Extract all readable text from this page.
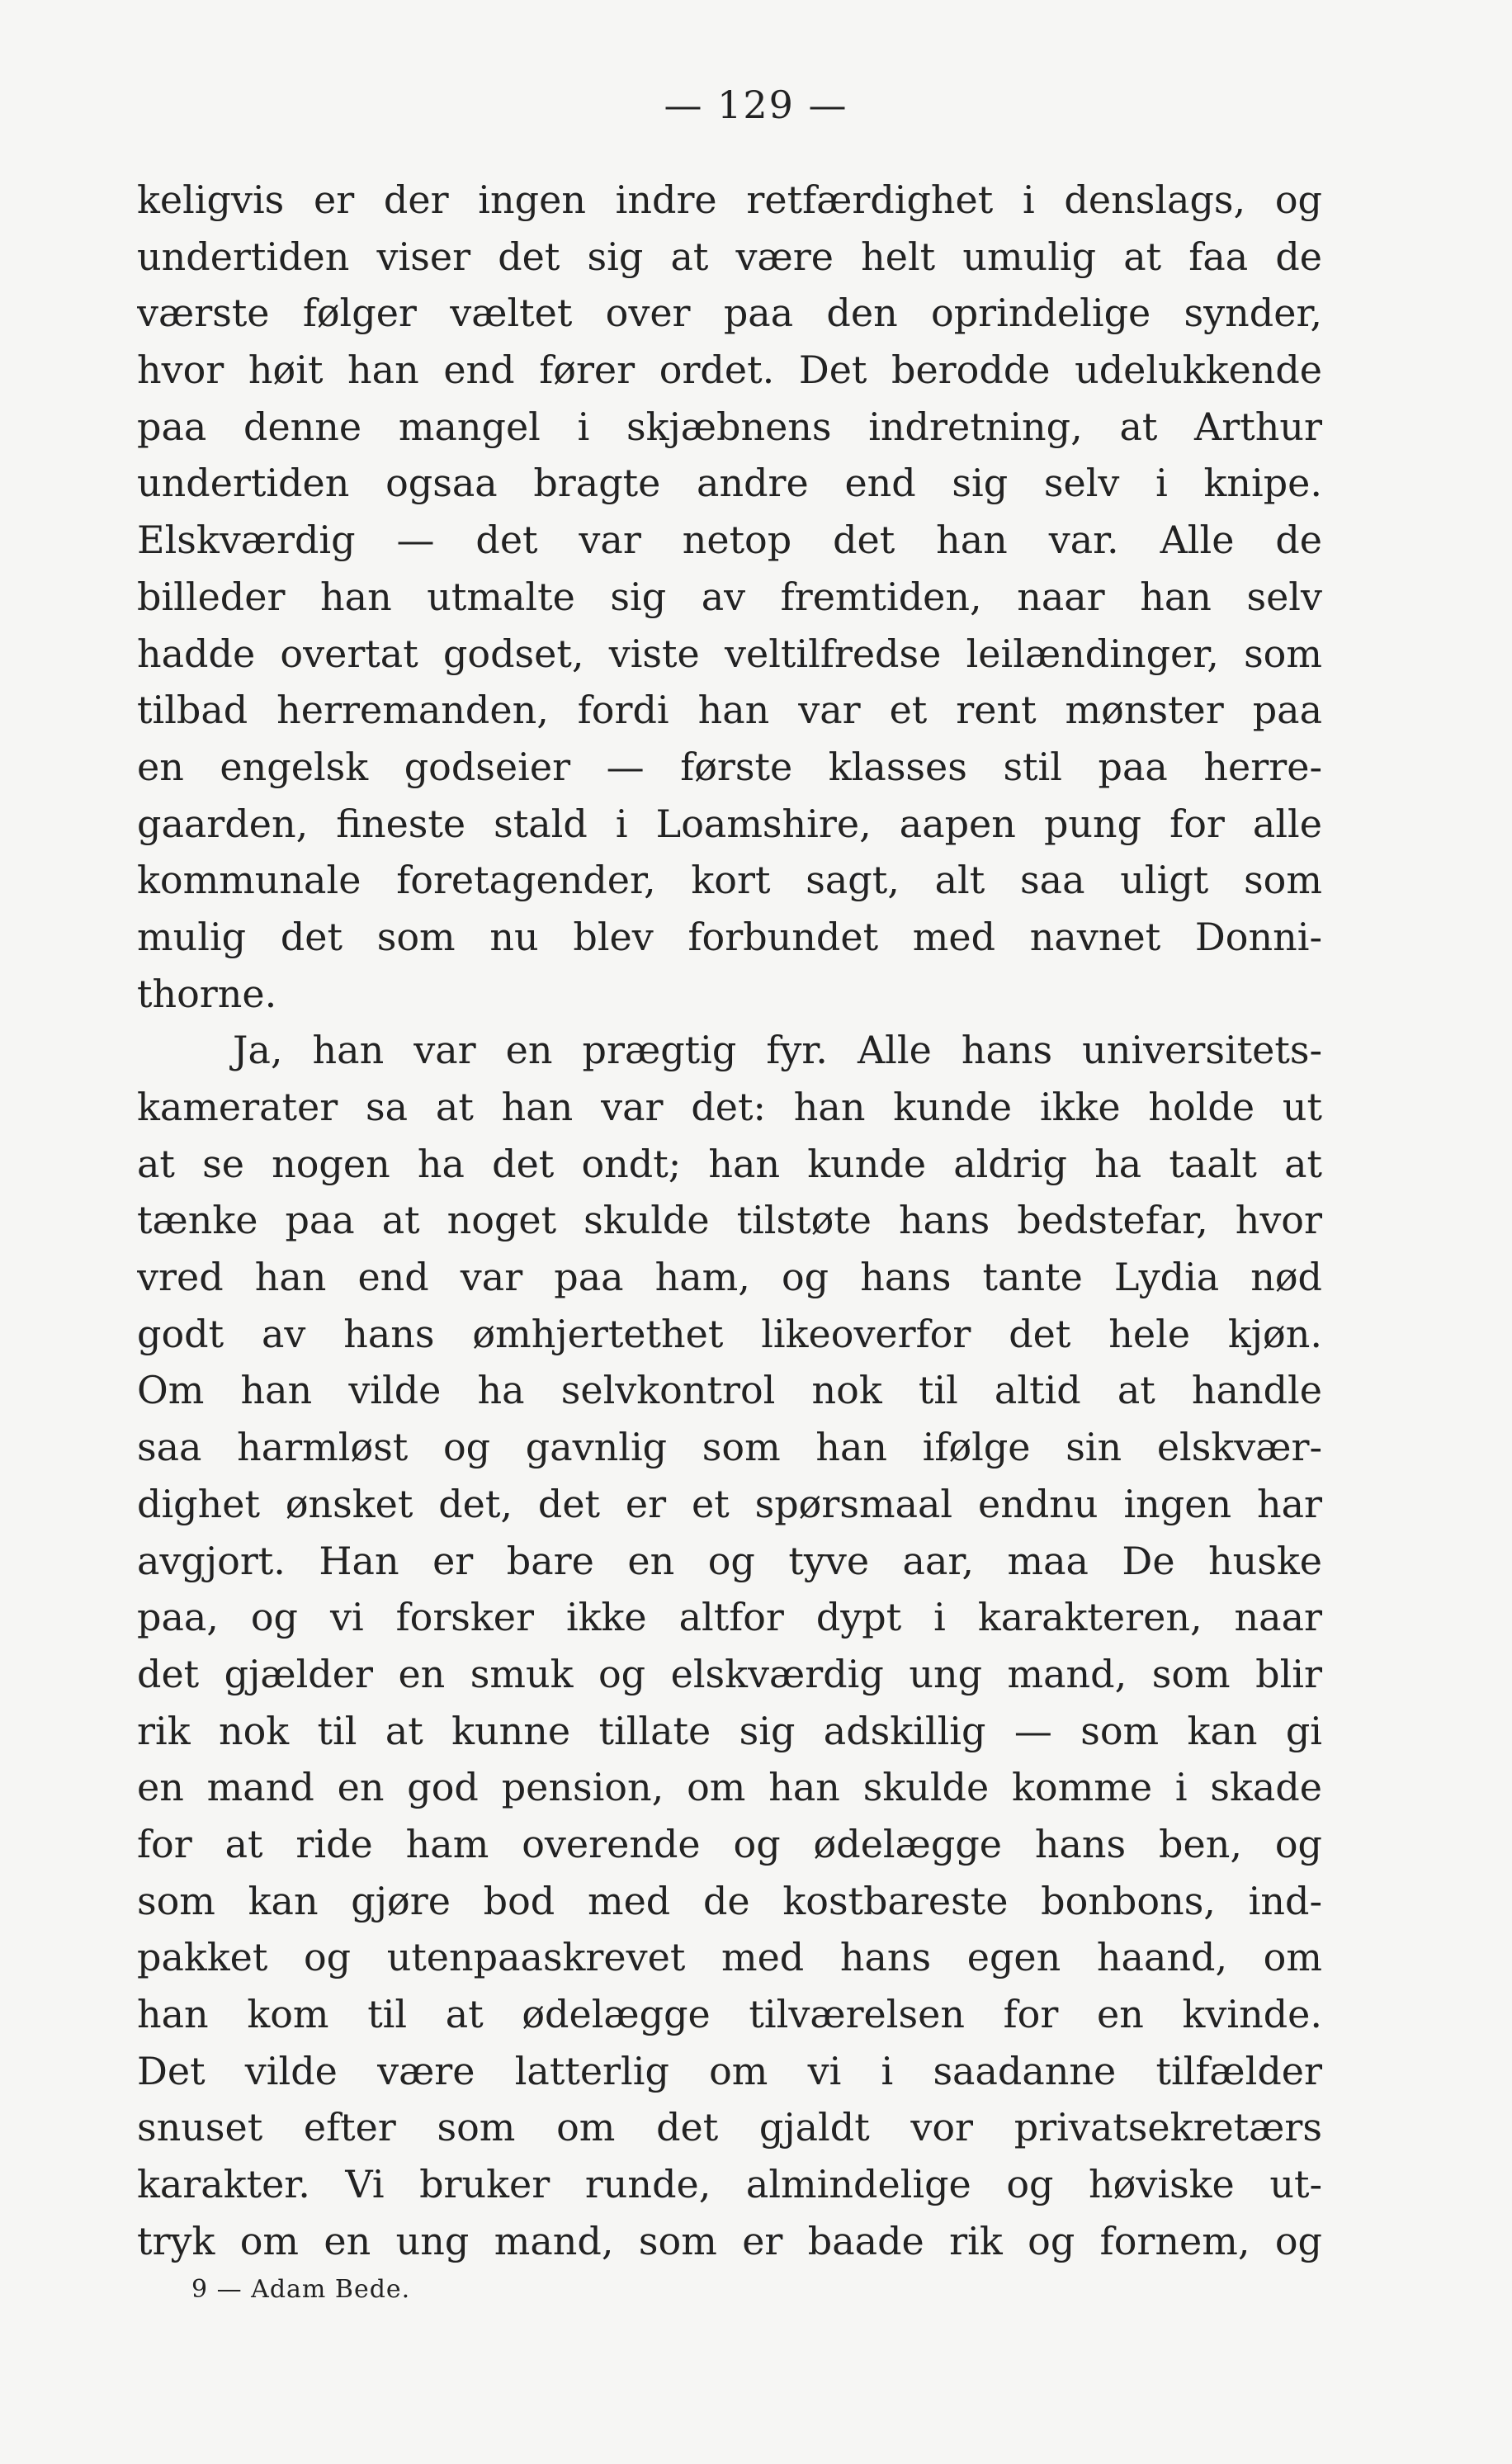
— 129 —
keligvis er der ingen indre retfærdighet i denslags, og
undertiden viser det sig at være helt umulig at faa de
værste følger væltet over paa den oprindelige synder,
hvor høit han end fører ordet. Det berodde udelukkende
paa denne mangel i skjæbnens indretning, at Arthur
undertiden ogsaa bragte andre end sig selv i knipe.
Elskværdig — det var netop det han var. Alle de
billeder han utmalte sig av fremtiden, naar han selv
hadde overtat godset, viste veltilfredse leilændinger, som
tilbad herremanden, fordi han var et rent mønster paa
en engelsk godseier — første klasses stil paa herre-
gaarden, fineste stald i Loamshire, aapen pung for alle
kommunale foretagender, kort sagt, alt saa uligt som
mulig det som nu blev forbundet med navnet Donni-
thorne.
Ja, han var en prægtig fyr. Alle hans universitets-
kamerater sa at han var det: han kunde ikke holde ut
at se nogen ha det ondt; han kunde aldrig ha taalt at
tænke paa at noget skulde tilstøte hans bedstefar, hvor
vred han end var paa ham, og hans tante Lydia nød
godt av hans ømhjertethet likeoverfor det hele kjøn.
Om han vilde ha selvkontrol nok til altid at handle
saa harmløst og gavnlig som han ifølge sin elskvær-
dighet ønsket det, det er et spørsmaal endnu ingen har
avgjort. Han er bare en og tyve aar, maa De huske
paa, og vi forsker ikke altfor dypt i karakteren, naar
det gjælder en smuk og elskværdig ung mand, som blir
rik nok til at kunne tillate sig adskillig — som kan gi
en mand en god pension, om han skulde komme i skade
for at ride ham overende og ødelægge hans ben, og
som kan gjøre bod med de kostbareste bonbons, ind-
pakket og utenpaaskrevet med hans egen haand, om
han kom til at ødelægge tilværelsen for en kvinde.
Det vilde være latterlig om vi i saadanne tilfælder
snuset efter som om det gjaldt vor privatsekretærs
karakter. Vi bruker runde, almindelige og høviske ut-
tryk om en ung mand, som er baade rik og fornem, og
9 — Adam Bede.
